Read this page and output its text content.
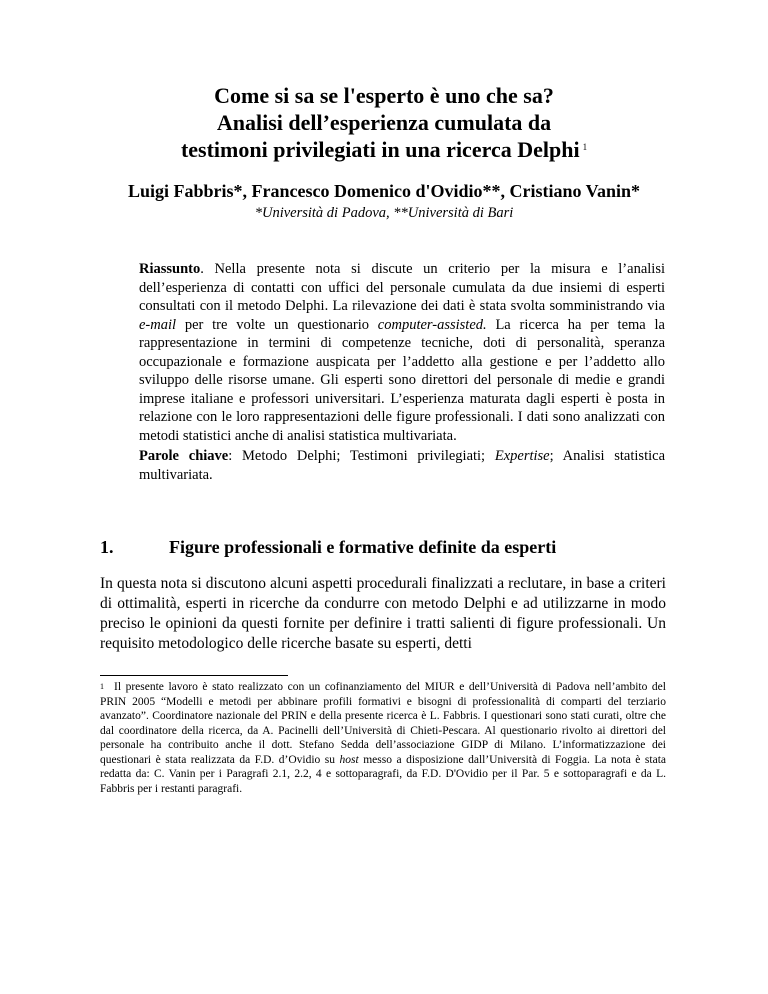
Come si sa se l'esperto è uno che sa?
Analisi dell’esperienza cumulata da
testimoni privilegiati in una ricerca Delphi $^1$
Luigi Fabbris*, Francesco Domenico d'Ovidio**, Cristiano Vanin*
*Università di Padova, **Università di Bari

Riassunto. Nella presente nota si discute un criterio per la misura e l’analisi dell’esperienza di contatti con uffici del personale cumulata da due insiemi di esperti consultati con il metodo Delphi. La rilevazione dei dati è stata svolta somministrando via e-mail per tre volte un questionario computer-assisted. La ricerca ha per tema la rappresentazione in termini di competenze tecniche, doti di personalità, speranza occupazionale e formazione auspicata per l’addetto alla gestione e per l’addetto allo sviluppo delle risorse umane. Gli esperti sono direttori del personale di medie e grandi imprese italiane e professori universitari. L’esperienza maturata dagli esperti è posta in relazione con le loro rappresentazioni delle figure professionali. I dati sono analizzati con metodi statistici anche di analisi statistica multivariata.

Parole chiave: Metodo Delphi; Testimoni privilegiati; Expertise; Analisi statistica multivariata.

1.	Figure professionali e formative definite da esperti

In questa nota si discutono alcuni aspetti procedurali finalizzati a reclutare, in base a criteri di ottimalità, esperti in ricerche da condurre con metodo Delphi e ad utilizzarne in modo preciso le opinioni da questi fornite per definire i tratti salienti di figure professionali. Un requisito metodologico delle ricerche basate su esperti, detti

$^1$ Il presente lavoro è stato realizzato con un cofinanziamento del MIUR e dell’Università di Padova nell’ambito del PRIN 2005 “Modelli e metodi per abbinare profili formativi e bisogni di professionalità di comparti del terziario avanzato”. Coordinatore nazionale del PRIN e della presente ricerca è L. Fabbris. I questionari sono stati curati, oltre che dal coordinatore della ricerca, da A. Pacinelli dell’Università di Chieti-Pescara. Al questionario rivolto ai direttori del personale ha contribuito anche il dott. Stefano Sedda dell’associazione GIDP di Milano. L’informatizzazione dei questionari è stata realizzata da F.D. d’Ovidio su host messo a disposizione dall’Università di Foggia. La nota è stata redatta da: C. Vanin per i Paragrafi 2.1, 2.2, 4 e sottoparagrafi, da F.D. D'Ovidio per il Par. 5 e sottoparagrafi e da L. Fabbris per i restanti paragrafi.
